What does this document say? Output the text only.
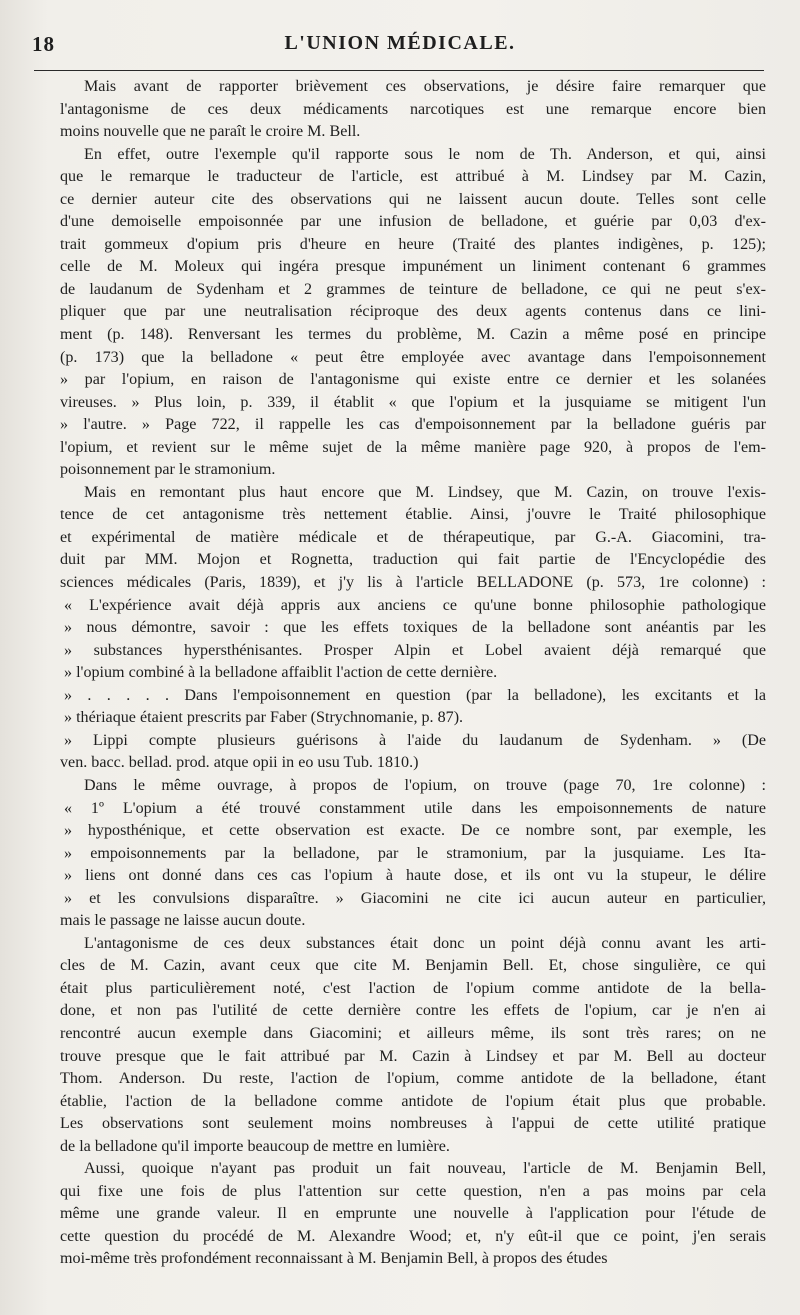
18	L'UNION MÉDICALE.
Mais avant de rapporter brièvement ces observations, je désire faire remarquer que
l'antagonisme de ces deux médicaments narcotiques est une remarque encore bien
moins nouvelle que ne paraît le croire M. Bell.
En effet, outre l'exemple qu'il rapporte sous le nom de Th. Anderson, et qui, ainsi
que le remarque le traducteur de l'article, est attribué à M. Lindsey par M. Cazin,
ce dernier auteur cite des observations qui ne laissent aucun doute. Telles sont celle
d'une demoiselle empoisonnée par une infusion de belladone, et guérie par 0,03 d'ex-
trait gommeux d'opium pris d'heure en heure (Traité des plantes indigènes, p. 125);
celle de M. Moleux qui ingéra presque impunément un liniment contenant 6 grammes
de laudanum de Sydenham et 2 grammes de teinture de belladone, ce qui ne peut s'ex-
pliquer que par une neutralisation réciproque des deux agents contenus dans ce lini-
ment (p. 148). Renversant les termes du problème, M. Cazin a même posé en principe
(p. 173) que la belladone « peut être employée avec avantage dans l'empoisonnement
» par l'opium, en raison de l'antagonisme qui existe entre ce dernier et les solanées
vireuses. » Plus loin, p. 339, il établit « que l'opium et la jusquiame se mitigent l'un
» l'autre. » Page 722, il rappelle les cas d'empoisonnement par la belladone guéris par
l'opium, et revient sur le même sujet de la même manière page 920, à propos de l'em-
poisonnement par le stramonium.
Mais en remontant plus haut encore que M. Lindsey, que M. Cazin, on trouve l'exis-
tence de cet antagonisme très nettement établie. Ainsi, j'ouvre le Traité philosophique
et expérimental de matière médicale et de thérapeutique, par G.-A. Giacomini, tra-
duit par MM. Mojon et Rognetta, traduction qui fait partie de l'Encyclopédie des
sciences médicales (Paris, 1839), et j'y lis à l'article BELLADONE (p. 573, 1re colonne) :
« L'expérience avait déjà appris aux anciens ce qu'une bonne philosophie pathologique
» nous démontre, savoir : que les effets toxiques de la belladone sont anéantis par les
» substances hypersthénisantes. Prosper Alpin et Lobel avaient déjà remarqué que
» l'opium combiné à la belladone affaiblit l'action de cette dernière.
» . . . . . Dans l'empoisonnement en question (par la belladone), les excitants et la
» thériaque étaient prescrits par Faber (Strychnomanie, p. 87).
» Lippi compte plusieurs guérisons à l'aide du laudanum de Sydenham. » (De
ven. bacc. bellad. prod. atque opii in eo usu Tub. 1810.)
Dans le même ouvrage, à propos de l'opium, on trouve (page 70, 1re colonne) :
« 1º L'opium a été trouvé constamment utile dans les empoisonnements de nature
» hyposthénique, et cette observation est exacte. De ce nombre sont, par exemple, les
» empoisonnements par la belladone, par le stramonium, par la jusquiame. Les Ita-
» liens ont donné dans ces cas l'opium à haute dose, et ils ont vu la stupeur, le délire
» et les convulsions disparaître. » Giacomini ne cite ici aucun auteur en particulier,
mais le passage ne laisse aucun doute.
L'antagonisme de ces deux substances était donc un point déjà connu avant les arti-
cles de M. Cazin, avant ceux que cite M. Benjamin Bell. Et, chose singulière, ce qui
était plus particulièrement noté, c'est l'action de l'opium comme antidote de la bella-
done, et non pas l'utilité de cette dernière contre les effets de l'opium, car je n'en ai
rencontré aucun exemple dans Giacomini; et ailleurs même, ils sont très rares; on ne
trouve presque que le fait attribué par M. Cazin à Lindsey et par M. Bell au docteur
Thom. Anderson. Du reste, l'action de l'opium, comme antidote de la belladone, étant
établie, l'action de la belladone comme antidote de l'opium était plus que probable.
Les observations sont seulement moins nombreuses à l'appui de cette utilité pratique
de la belladone qu'il importe beaucoup de mettre en lumière.
Aussi, quoique n'ayant pas produit un fait nouveau, l'article de M. Benjamin Bell,
qui fixe une fois de plus l'attention sur cette question, n'en a pas moins par cela
même une grande valeur. Il en emprunte une nouvelle à l'application pour l'étude de
cette question du procédé de M. Alexandre Wood; et, n'y eût-il que ce point, j'en serais
moi-même très profondément reconnaissant à M. Benjamin Bell, à propos des études
